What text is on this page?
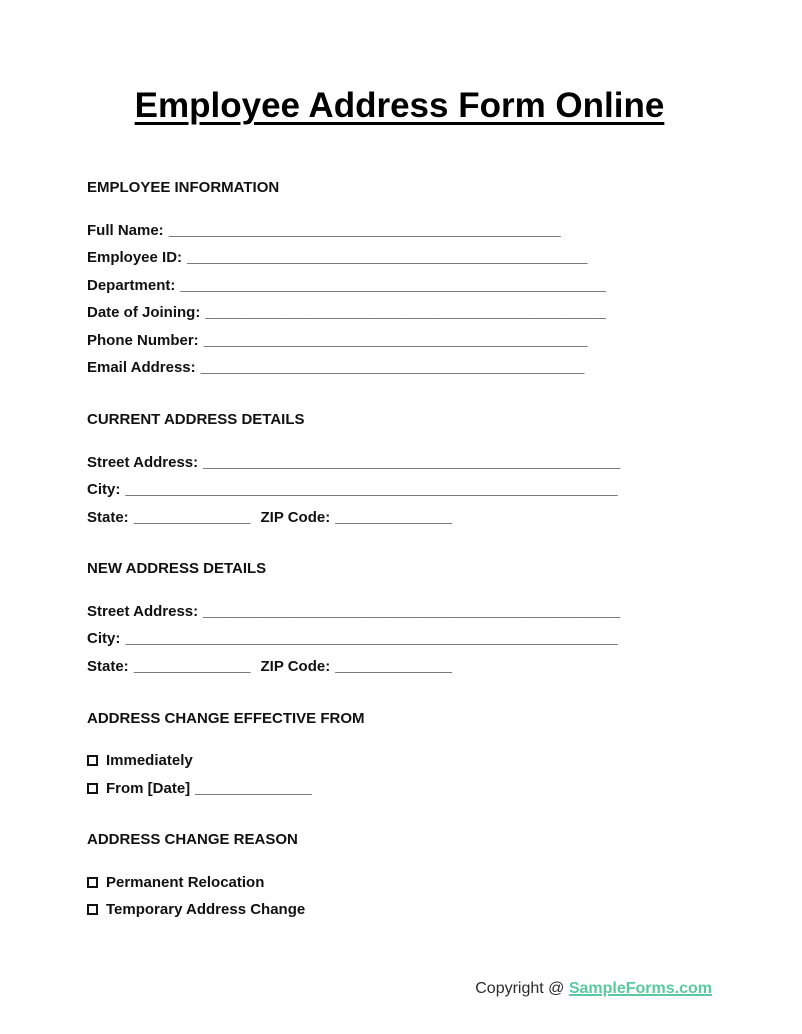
Employee Address Form Online
EMPLOYEE INFORMATION
Full Name: _______________________________________________
Employee ID: ________________________________________________
Department: ___________________________________________________
Date of Joining: ________________________________________________
Phone Number: ______________________________________________
Email Address: ______________________________________________
CURRENT ADDRESS DETAILS
Street Address: __________________________________________________
City: ___________________________________________________________
State: ______________ ZIP Code: ______________
NEW ADDRESS DETAILS
Street Address: __________________________________________________
City: ___________________________________________________________
State: ______________ ZIP Code: ______________
ADDRESS CHANGE EFFECTIVE FROM
Immediately
From [Date] ______________
ADDRESS CHANGE REASON
Permanent Relocation
Temporary Address Change
Copyright @ SampleForms.com
